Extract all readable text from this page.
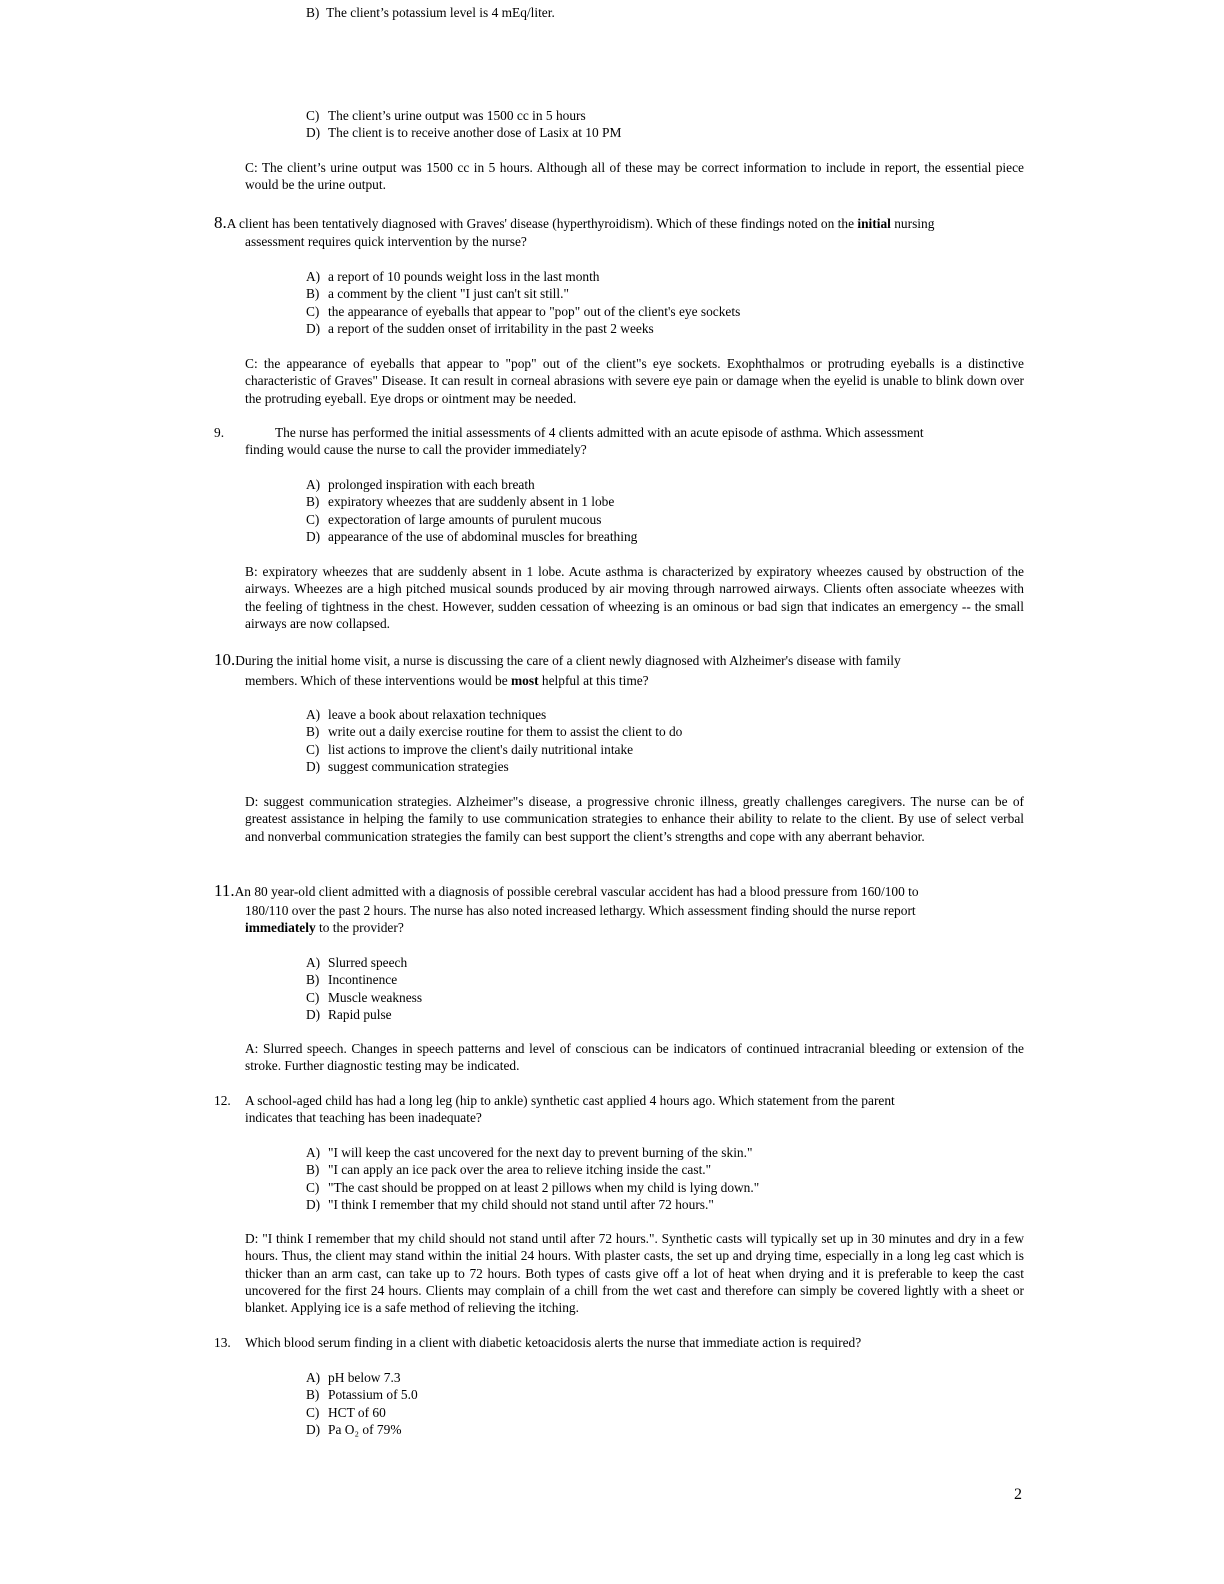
B)  The client’s potassium level is 4 mEq/liter.
C) The client’s urine output was 1500 cc in 5 hours
D) The client is to receive another dose of Lasix at 10 PM
C: The client’s urine output was 1500 cc in 5 hours. Although all of these may be correct information to include in report, the essential piece would be the urine output.
8.A client has been tentatively diagnosed with Graves' disease (hyperthyroidism). Which of these findings noted on the initial nursing
assessment requires quick intervention by the nurse?
A) a report of 10 pounds weight loss in the last month
B) a comment by the client "I just can't sit still."
C) the appearance of eyeballs that appear to "pop" out of the client's eye sockets
D) a report of the sudden onset of irritability in the past 2 weeks
C: the appearance of eyeballs that appear to "pop" out of the client"s eye sockets. Exophthalmos or protruding eyeballs is a distinctive characteristic of Graves" Disease. It can result in corneal abrasions with severe eye pain or damage when the eyelid is unable to blink down over the protruding eyeball. Eye drops or ointment may be needed.
9.	The nurse has performed the initial assessments of 4 clients admitted with an acute episode of asthma. Which assessment
finding would cause the nurse to call the provider immediately?
A) prolonged inspiration with each breath
B) expiratory wheezes that are suddenly absent in 1 lobe
C) expectoration of large amounts of purulent mucous
D) appearance of the use of abdominal muscles for breathing
B: expiratory wheezes that are suddenly absent in 1 lobe. Acute asthma is characterized by expiratory wheezes caused by obstruction of the airways. Wheezes are a high pitched musical sounds produced by air moving through narrowed airways. Clients often associate wheezes with the feeling of tightness in the chest. However, sudden cessation of wheezing is an ominous or bad sign that indicates an emergency -- the small airways are now collapsed.
10.During the initial home visit, a nurse is discussing the care of a client newly diagnosed with Alzheimer's disease with family
members. Which of these interventions would be most helpful at this time?
A) leave a book about relaxation techniques
B) write out a daily exercise routine for them to assist the client to do
C) list actions to improve the client's daily nutritional intake
D) suggest communication strategies
D: suggest communication strategies. Alzheimer"s disease, a progressive chronic illness, greatly challenges caregivers. The nurse can be of greatest assistance in helping the family to use communication strategies to enhance their ability to relate to the client. By use of select verbal and nonverbal communication strategies the family can best support the client’s strengths and cope with any aberrant behavior.
11.An 80 year-old client admitted with a diagnosis of possible cerebral vascular accident has had a blood pressure from 160/100 to
180/110 over the past 2 hours. The nurse has also noted increased lethargy. Which assessment finding should the nurse report
immediately to the provider?
A) Slurred speech
B) Incontinence
C) Muscle weakness
D) Rapid pulse
A: Slurred speech. Changes in speech patterns and level of conscious can be indicators of continued intracranial bleeding or extension of the stroke. Further diagnostic testing may be indicated.
12. A school-aged child has had a long leg (hip to ankle) synthetic cast applied 4 hours ago. Which statement from the parent
indicates that teaching has been inadequate?
A) "I will keep the cast uncovered for the next day to prevent burning of the skin."
B) "I can apply an ice pack over the area to relieve itching inside the cast."
C) "The cast should be propped on at least 2 pillows when my child is lying down."
D) "I think I remember that my child should not stand until after 72 hours."
D: "I think I remember that my child should not stand until after 72 hours.". Synthetic casts will typically set up in 30 minutes and dry in a few hours. Thus, the client may stand within the initial 24 hours. With plaster casts, the set up and drying time, especially in a long leg cast which is thicker than an arm cast, can take up to 72 hours. Both types of casts give off a lot of heat when drying and it is preferable to keep the cast uncovered for the first 24 hours. Clients may complain of a chill from the wet cast and therefore can simply be covered lightly with a sheet or blanket. Applying ice is a safe method of relieving the itching.
13. Which blood serum finding in a client with diabetic ketoacidosis alerts the nurse that immediate action is required?
A) pH below 7.3
B) Potassium of 5.0
C) HCT of 60
D) Pa O₂ of 79%
2
